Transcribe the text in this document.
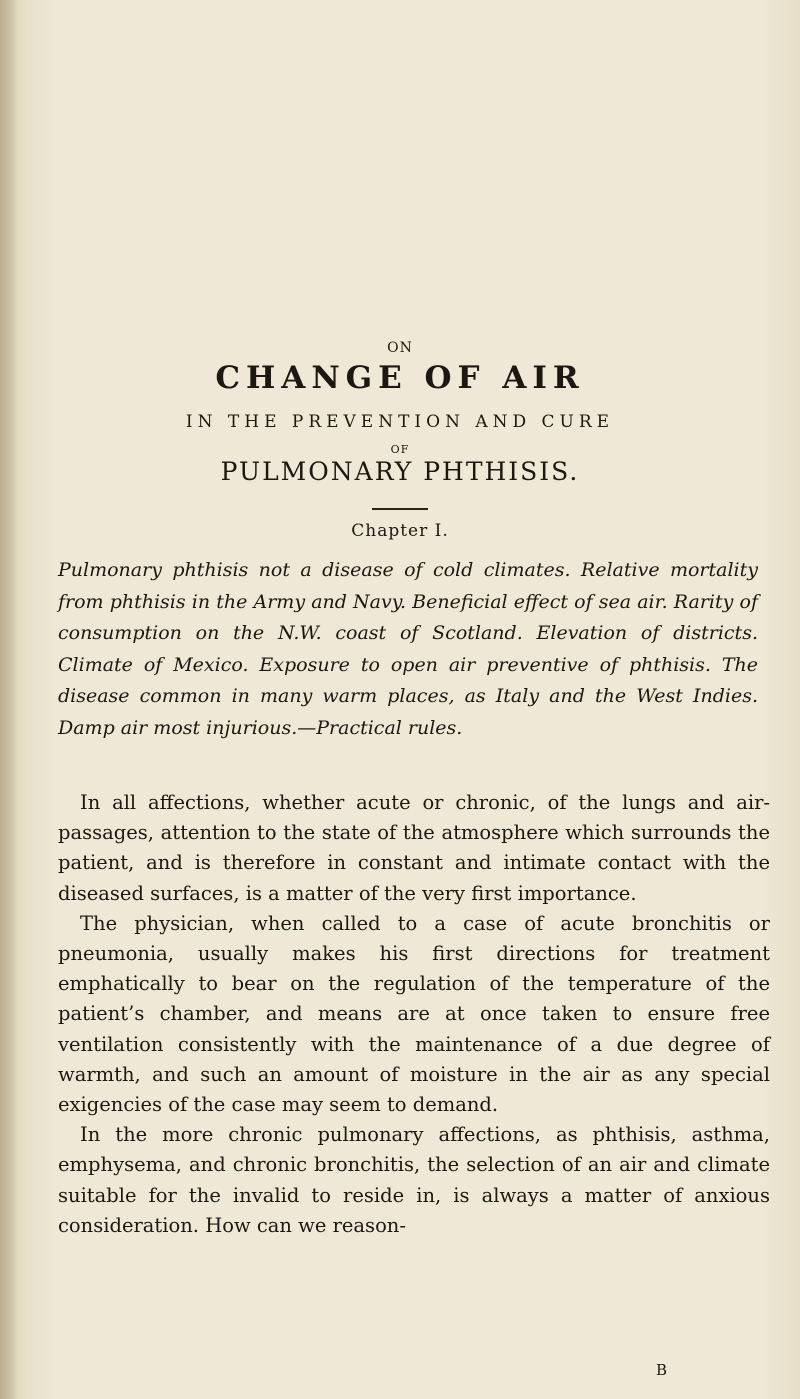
ON
CHANGE OF AIR
IN THE PREVENTION AND CURE
OF
PULMONARY PHTHISIS.
Chapter I.
Pulmonary phthisis not a disease of cold climates. Relative mortality from phthisis in the Army and Navy. Beneficial effect of sea air. Rarity of consumption on the N.W. coast of Scotland. Elevation of districts. Climate of Mexico. Exposure to open air preventive of phthisis. The disease common in many warm places, as Italy and the West Indies. Damp air most injurious.—Practical rules.

In all affections, whether acute or chronic, of the lungs and air-passages, attention to the state of the atmosphere which surrounds the patient, and is therefore in constant and intimate contact with the diseased surfaces, is a matter of the very first importance.

The physician, when called to a case of acute bronchitis or pneumonia, usually makes his first directions for treatment emphatically to bear on the regulation of the temperature of the patient’s chamber, and means are at once taken to ensure free ventilation consistently with the maintenance of a due degree of warmth, and such an amount of moisture in the air as any special exigencies of the case may seem to demand.

In the more chronic pulmonary affections, as phthisis, asthma, emphysema, and chronic bronchitis, the selection of an air and climate suitable for the invalid to reside in, is always a matter of anxious consideration. How can we reason-

B
